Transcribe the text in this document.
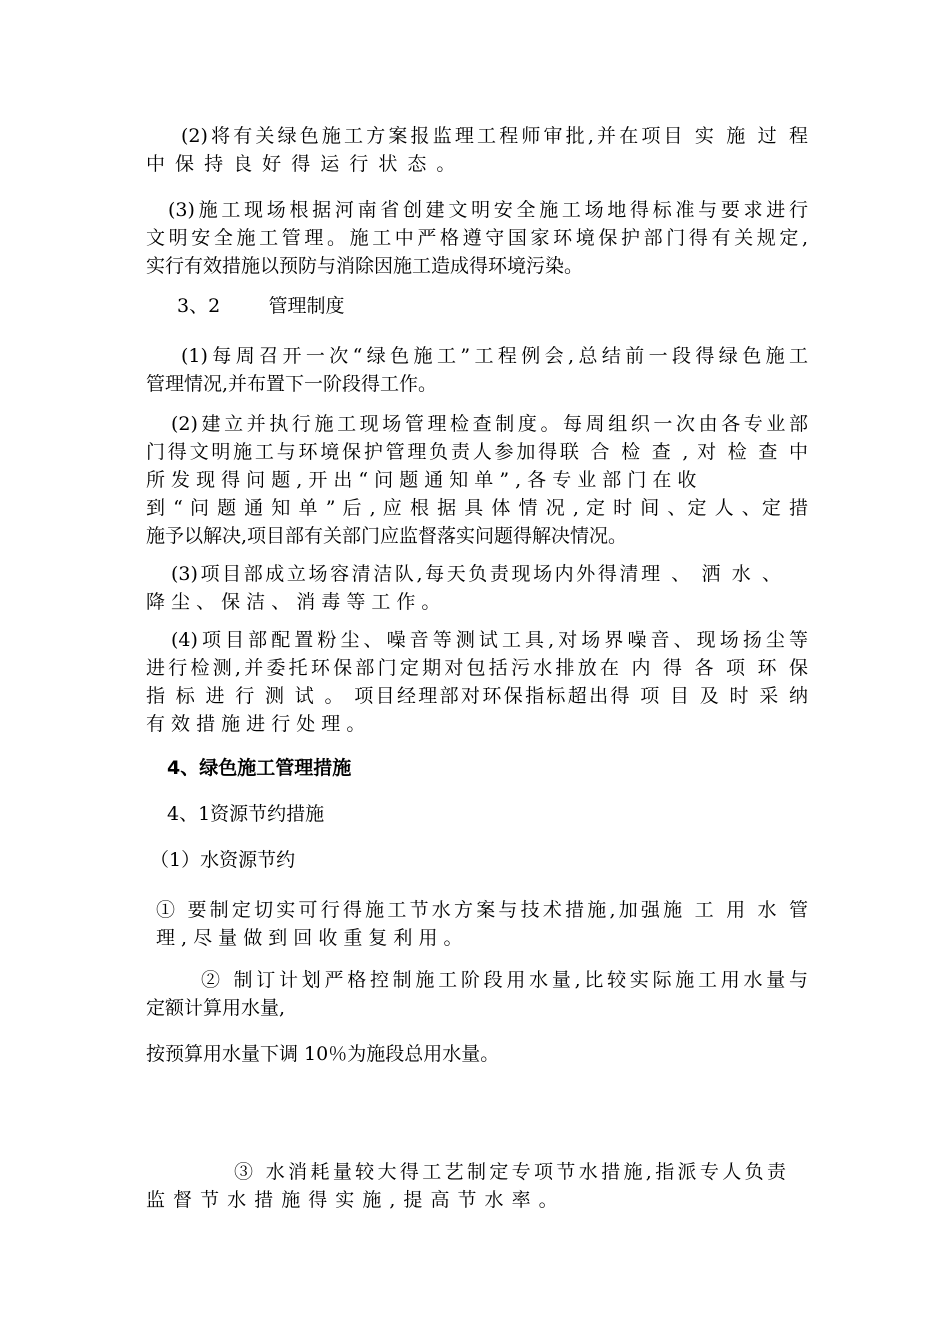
(2)将有关绿色施工方案报监理工程师审批,并在项目 实 施 过 程
中 保 持 良 好 得 运 行 状 态 。

(3)施工现场根据河南省创建文明安全施工场地得标准与要求进行
文明安全施工管理。施工中严格遵守国家环境保护部门得有关规定,
实行有效措施以预防与消除因施工造成得环境污染。

3、2        管理制度

(1)每周召开一次“绿色施工”工程例会,总结前一段得绿色施工
管理情况,并布置下一阶段得工作。

(2)建立并执行施工现场管理检查制度。每周组织一次由各专业部
门得文明施工与环境保护管理负责人参加得联 合 检 查 , 对 检 查 中
所 发 现 得 问 题 , 开 出 “ 问 题 通 知 单 ” , 各 专 业 部 门 在 收
到 “ 问 题 通 知 单 ” 后 , 应 根 据 具 体 情 况 , 定 时 间 、定 人 、定 措
施予以解决,项目部有关部门应监督落实问题得解决情况。

(3)项目部成立场容清洁队,每天负责现场内外得清理 、 洒 水 、
降 尘 、 保 洁 、 消 毒 等 工 作 。

(4)项目部配置粉尘、噪音等测试工具,对场界噪音、现场扬尘等
进行检测,并委托环保部门定期对包括污水排放在 内 得 各 项 环 保
指 标 进 行 测 试 。 项目经理部对环保指标超出得 项 目 及 时 采 纳
有 效 措 施 进 行 处 理 。

4、绿色施工管理措施

4、1资源节约措施

（1）水资源节约

① 要制定切实可行得施工节水方案与技术措施,加强施 工 用 水 管
理 , 尽 量 做 到 回 收 重 复 利 用 。

② 制订计划严格控制施工阶段用水量,比较实际施工用水量与
定额计算用水量,

按预算用水量下调 10％为施段总用水量。

③ 水消耗量较大得工艺制定专项节水措施,指派专人负责
监 督 节 水 措 施 得 实 施 , 提 高 节 水 率 。
